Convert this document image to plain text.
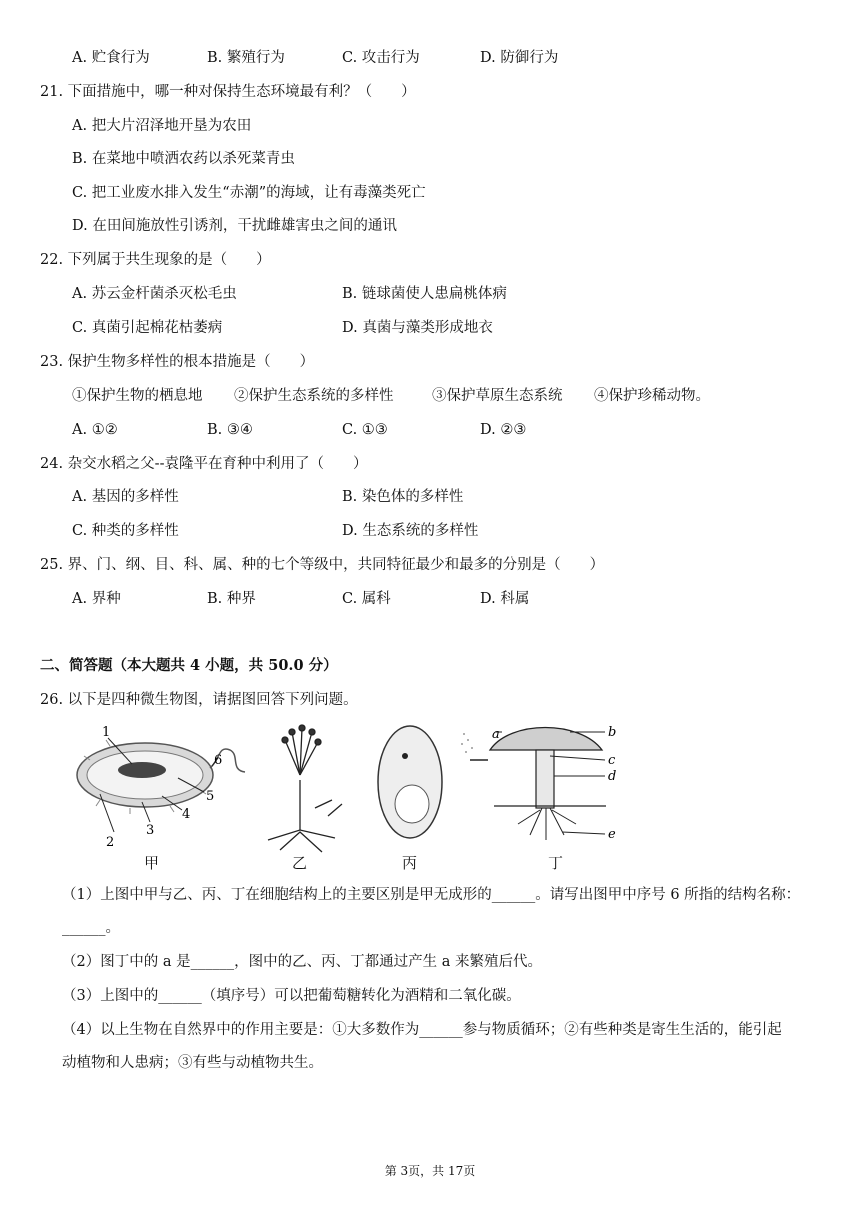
A. 贮食行为	B. 繁殖行为	C. 攻击行为	D. 防御行为
21. 下面措施中，哪一种对保持生态环境最有利？（　　）
A. 把大片沼泽地开垦为农田
B. 在菜地中喷洒农药以杀死菜青虫
C. 把工业废水排入发生“赤潮”的海域，让有毒藻类死亡
D. 在田间施放性引诱剂，干扰雌雄害虫之间的通讯
22. 下列属于共生现象的是（　　）
A. 苏云金杆菌杀灭松毛虫	B. 链球菌使人患扁桃体病
C. 真菌引起棉花枯萎病	D. 真菌与藻类形成地衣
23. 保护生物多样性的根本措施是（　　）
①保护生物的栖息地 ②保护生态系统的多样性	③保护草原生态系统 ④保护珍稀动物。
A. ①②	B. ③④	C. ①③	D. ②③
24. 杂交水稻之父--袁隆平在育种中利用了（　　）
A. 基因的多样性	B. 染色体的多样性
C. 种类的多样性	D. 生态系统的多样性
25. 界、门、纲、目、科、属、种的七个等级中，共同特征最少和最多的分别是（　　）
A. 界种	B. 种界	C. 属科	D. 科属
二、简答题（本大题共 4 小题，共 50.0 分）
26. 以下是四种微生物图，请据图回答下列问题。
1
2
3
4
5
6
a	b
c
d
e
甲	乙	丙	丁
（1）上图中甲与乙、丙、丁在细胞结构上的主要区别是甲无成形的______。请写出图甲中序号 6 所指的结构名称：
______。
（2）图丁中的 a 是______，图中的乙、丙、丁都通过产生 a 来繁殖后代。
（3）上图中的______（填序号）可以把葡萄糖转化为酒精和二氧化碳。
（4）以上生物在自然界中的作用主要是：①大多数作为______参与物质循环；②有些种类是寄生生活的，能引起
动植物和人患病；③有些与动植物共生。
第 3页，共 17页
